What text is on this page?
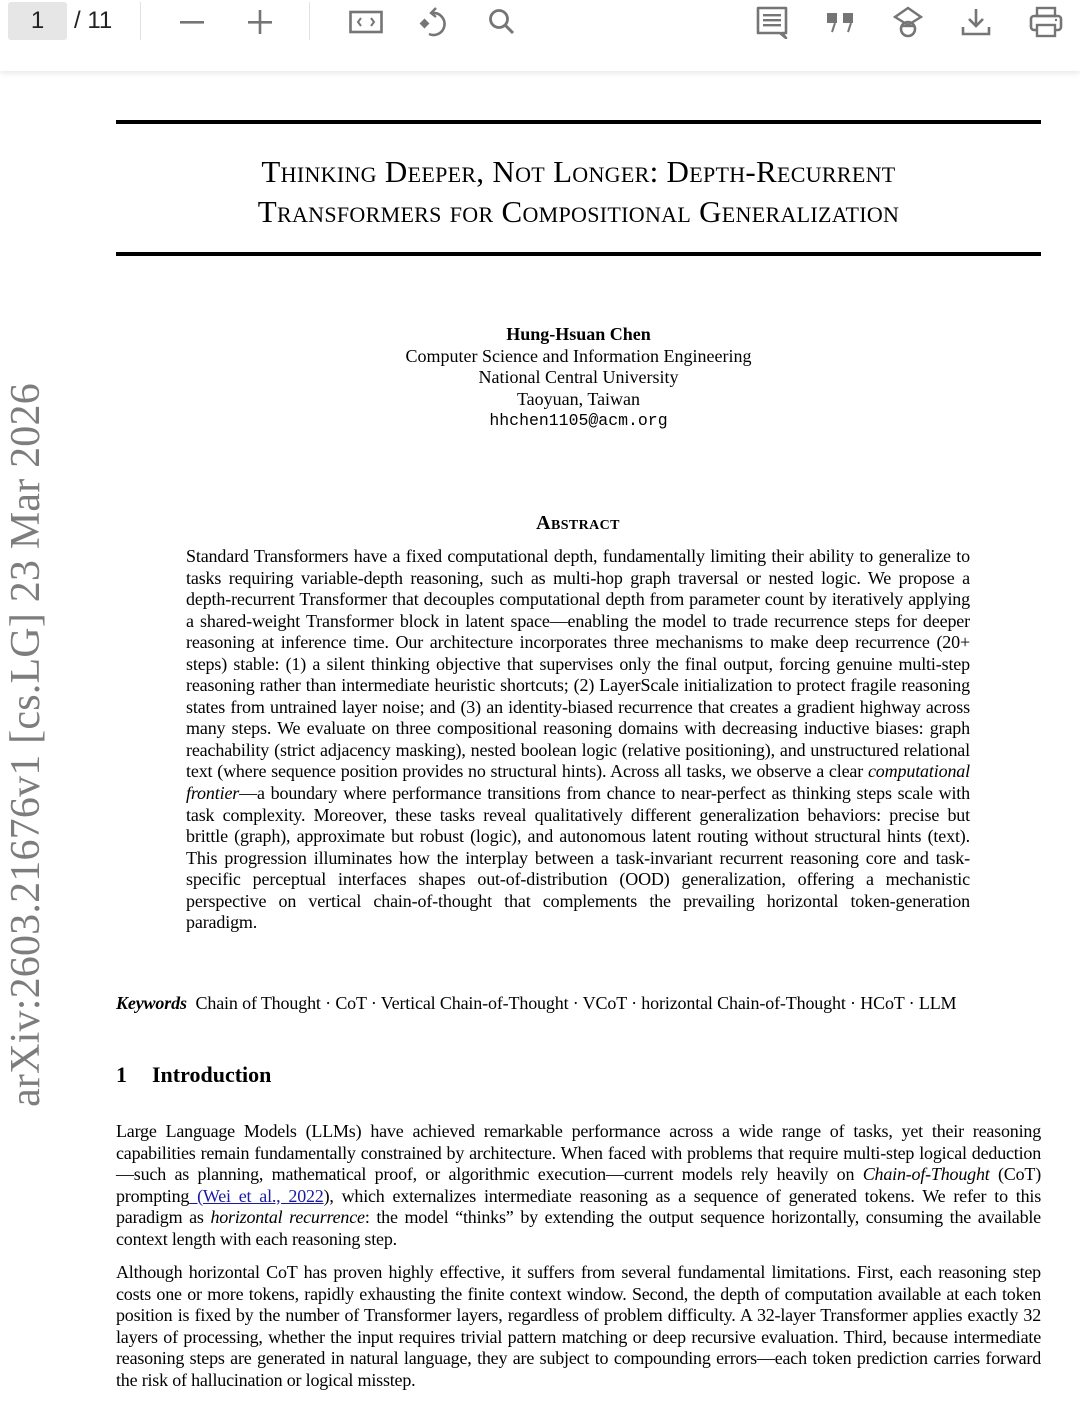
1	/ 11
arXiv:2603.21676v1 [cs.LG] 23 Mar 2026
Thinking Deeper, Not Longer: Depth-Recurrent
Transformers for Compositional Generalization
Hung-Hsuan Chen
Computer Science and Information Engineering
National Central University
Taoyuan, Taiwan
hhchen1105@acm.org
Abstract
Standard Transformers have a fixed computational depth, fundamentally limiting their ability to generalize to tasks requiring variable-depth reasoning, such as multi-hop graph traversal or nested logic. We propose a depth-recurrent Transformer that decouples computational depth from parameter count by iteratively applying a shared-weight Transformer block in latent space—enabling the model to trade recurrence steps for deeper reasoning at inference time. Our architecture incorporates three mechanisms to make deep recurrence (20+ steps) stable: (1) a silent thinking objective that supervises only the final output, forcing genuine multi-step reasoning rather than intermediate heuristic shortcuts; (2) LayerScale initialization to protect fragile reasoning states from untrained layer noise; and (3) an identity-biased recurrence that creates a gradient highway across many steps. We evaluate on three compositional reasoning domains with decreasing inductive biases: graph reachability (strict adjacency masking), nested boolean logic (relative positioning), and unstructured relational text (where sequence position provides no structural hints). Across all tasks, we observe a clear computational frontier—a boundary where performance transitions from chance to near-perfect as thinking steps scale with task complexity. Moreover, these tasks reveal qualitatively different generalization behaviors: precise but brittle (graph), approximate but robust (logic), and autonomous latent routing without structural hints (text). This progression illuminates how the interplay between a task-invariant recurrent reasoning core and task-specific perceptual interfaces shapes out-of-distribution (OOD) generalization, offering a mechanistic perspective on vertical chain-of-thought that complements the prevailing horizontal token-generation paradigm.
Keywords Chain of Thought · CoT · Vertical Chain-of-Thought · VCoT · horizontal Chain-of-Thought · HCoT · LLM
1 Introduction
Large Language Models (LLMs) have achieved remarkable performance across a wide range of tasks, yet their reasoning capabilities remain fundamentally constrained by architecture. When faced with problems that require multi-step logical deduction—such as planning, mathematical proof, or algorithmic execution—current models rely heavily on Chain-of-Thought (CoT) prompting (Wei et al., 2022), which externalizes intermediate reasoning as a sequence of generated tokens. We refer to this paradigm as horizontal recurrence: the model “thinks” by extending the output sequence horizontally, consuming the available context length with each reasoning step.
Although horizontal CoT has proven highly effective, it suffers from several fundamental limitations. First, each reasoning step costs one or more tokens, rapidly exhausting the finite context window. Second, the depth of computation available at each token position is fixed by the number of Transformer layers, regardless of problem difficulty. A 32-layer Transformer applies exactly 32 layers of processing, whether the input requires trivial pattern matching or deep recursive evaluation. Third, because intermediate reasoning steps are generated in natural language, they are subject to compounding errors—each token prediction carries forward the risk of hallucination or logical misstep.
